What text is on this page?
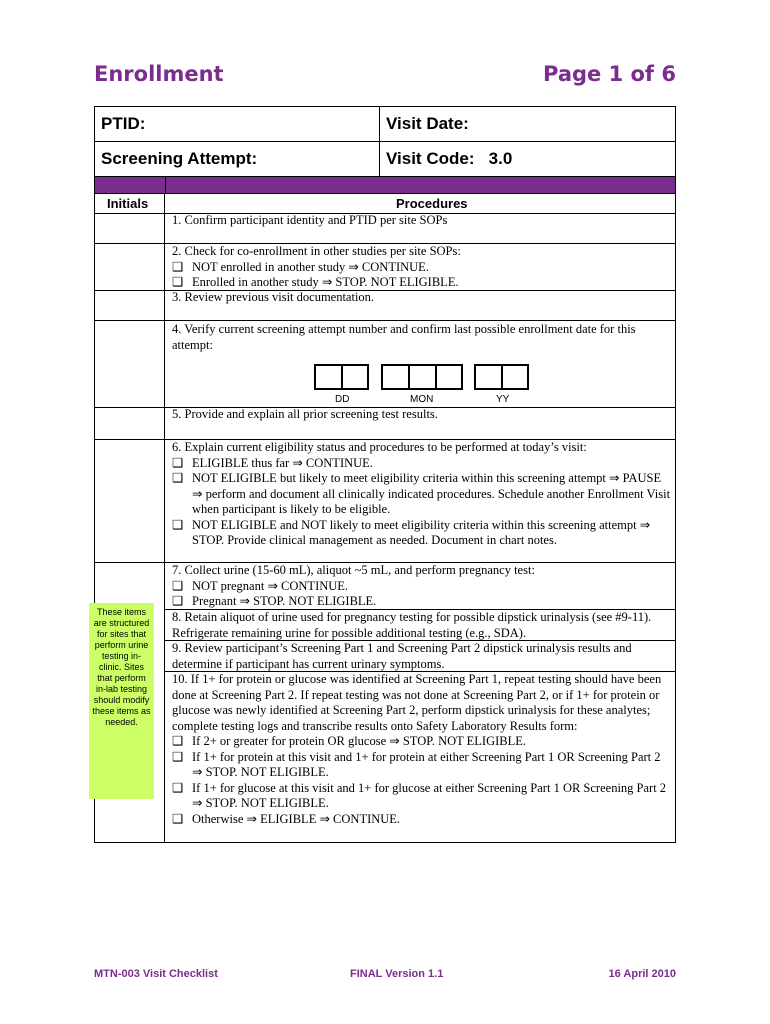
Enrollment	Page 1 of 6
PTID:	Visit Date:
Screening Attempt:	Visit Code: 3.0
Initials	Procedures

1. Confirm participant identity and PTID per site SOPs

2. Check for co-enrollment in other studies per site SOPs:

❑ NOT enrolled in another study ⇒ CONTINUE.

❑ Enrolled in another study ⇒ STOP. NOT ELIGIBLE.

3. Review previous visit documentation.

4. Verify current screening attempt number and confirm last possible enrollment date for this attempt:

DD	MON	YY

5. Provide and explain all prior screening test results.

6. Explain current eligibility status and procedures to be performed at today’s visit:

❑ ELIGIBLE thus far ⇒ CONTINUE.

❑ NOT ELIGIBLE but likely to meet eligibility criteria within this screening attempt ⇒ PAUSE ⇒ perform and document all clinically indicated procedures. Schedule another Enrollment Visit when participant is likely to be eligible.

❑ NOT ELIGIBLE and NOT likely to meet eligibility criteria within this screening attempt ⇒ STOP. Provide clinical management as needed. Document in chart notes.

7. Collect urine (15-60 mL), aliquot ~5 mL, and perform pregnancy test:

❑ NOT pregnant ⇒ CONTINUE.

❑ Pregnant ⇒ STOP. NOT ELIGIBLE.

8. Retain aliquot of urine used for pregnancy testing for possible dipstick urinalysis (see #9-11). Refrigerate remaining urine for possible additional testing (e.g., SDA).

9. Review participant’s Screening Part 1 and Screening Part 2 dipstick urinalysis results and determine if participant has current urinary symptoms.

10. If 1+ for protein or glucose was identified at Screening Part 1, repeat testing should have been done at Screening Part 2. If repeat testing was not done at Screening Part 2, or if 1+ for protein or glucose was newly identified at Screening Part 2, perform dipstick urinalysis for these analytes; complete testing logs and transcribe results onto Safety Laboratory Results form:

❑ If 2+ or greater for protein OR glucose ⇒ STOP. NOT ELIGIBLE.

❑ If 1+ for protein at this visit and 1+ for protein at either Screening Part 1 OR Screening Part 2 ⇒ STOP. NOT ELIGIBLE.

❑ If 1+ for glucose at this visit and 1+ for glucose at either Screening Part 1 OR Screening Part 2 ⇒ STOP. NOT ELIGIBLE.

❑ Otherwise ⇒ ELIGIBLE ⇒ CONTINUE.

These items are structured for sites that perform urine testing in-clinic. Sites that perform in-lab testing should modify these items as needed.
MTN-003 Visit Checklist	FINAL Version 1.1	16 April 2010
